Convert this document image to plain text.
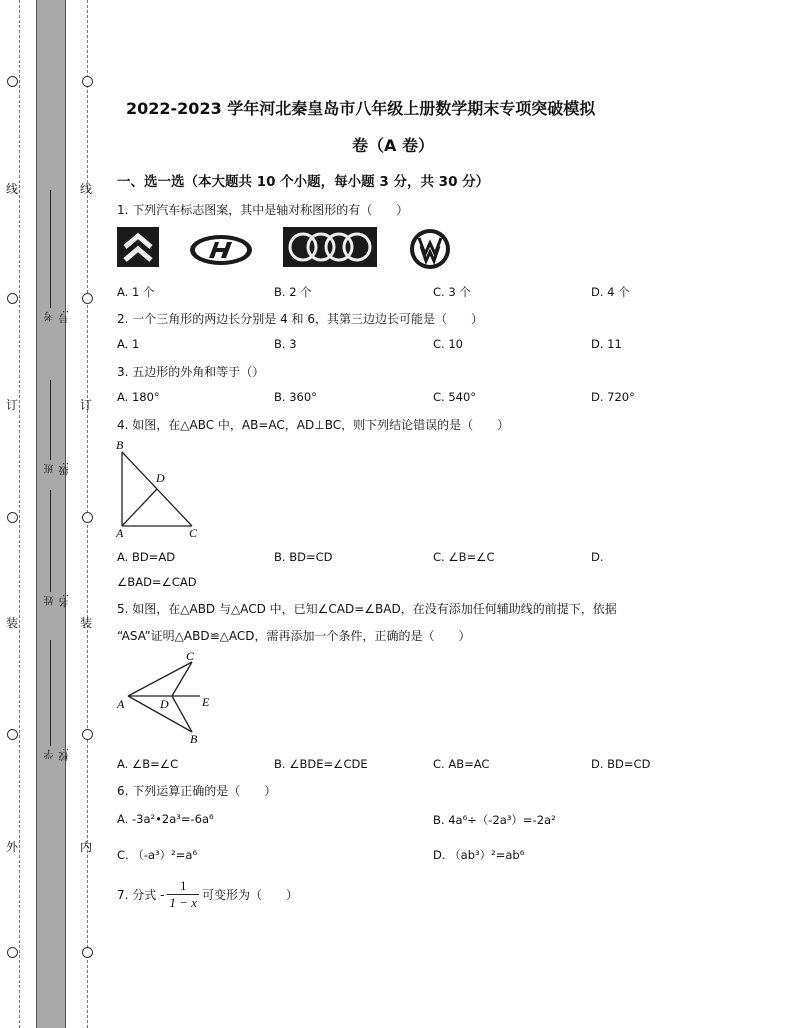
线
订
装
外
线
订
装
内
考号:
班级:
姓名:
学校:
2022-2023 学年河北秦皇岛市八年级上册数学期末专项突破模拟
卷（A 卷）
一、选一选（本大题共 10 个小题，每小题 3 分，共 30 分）
1. 下列汽车标志图案，其中是轴对称图形的有（　　）
A. 1 个	B. 2 个	C. 3 个	D. 4 个
2. 一个三角形的两边长分别是 4 和 6，其第三边边长可能是（　　）
A. 1	B. 3	C. 10	D. 11
3. 五边形的外角和等于（）
A. 180°	B. 360°	C. 540°	D. 720°
4. 如图，在△ABC 中，AB=AC，AD⊥BC，则下列结论错误的是（　　）
B
D
A	C
A. BD=AD	B. BD=CD	C. ∠B=∠C	D.
∠BAD=∠CAD
5. 如图，在△ABD 与△ACD 中，已知∠CAD=∠BAD，在没有添加任何辅助线的前提下，依据
“ASA”证明△ABD≌△ACD，需再添加一个条件，正确的是（　　）
C
A	D	E
B
A. ∠B=∠C	B. ∠BDE=∠CDE	C. AB=AC	D. BD=CD
6. 下列运算正确的是（　　）
A. -3a²•2a³=-6a⁶	B. 4a⁶÷（-2a³）=-2a²
C. （-a³）²=a⁶	D. （ab³）²=ab⁶
7. 分式 - $\frac{1}{1 - x}$ 可变形为（　　）
